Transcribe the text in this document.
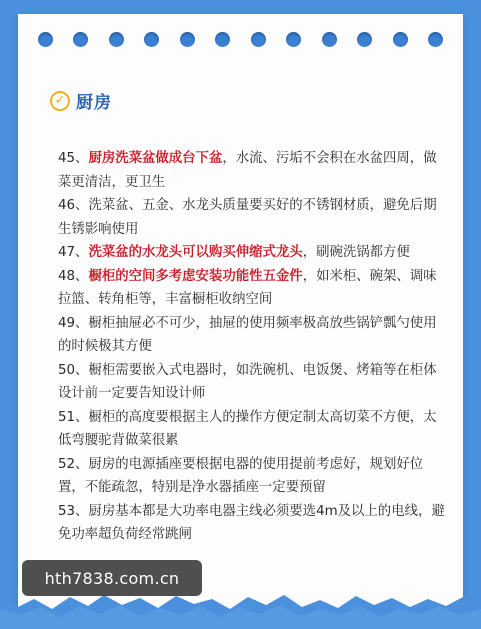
✓ 厨房

45、厨房洗菜盆做成台下盆，水流、污垢不会积在水盆四周，做菜更清洁，更卫生

46、洗菜盆、五金、水龙头质量要买好的不锈钢材质，避免后期生锈影响使用

47、洗菜盆的水龙头可以购买伸缩式龙头，刷碗洗锅都方便

48、橱柜的空间多考虑安装功能性五金件，如米柜、碗架、调味拉篮、转角柜等，丰富橱柜收纳空间

49、橱柜抽屉必不可少，抽屉的使用频率极高放些锅铲瓢勺使用的时候极其方便

50、橱柜需要嵌入式电器时，如洗碗机、电饭煲、烤箱等在柜体设计前一定要告知设计师

51、橱柜的高度要根据主人的操作方便定制太高切菜不方便，太低弯腰驼背做菜很累

52、厨房的电源插座要根据电器的使用提前考虑好，规划好位置，不能疏忽，特别是净水器插座一定要预留

53、厨房基本都是大功率电器主线必须要选4m及以上的电线，避免功率超负荷经常跳闸

hth7838.com.cn
